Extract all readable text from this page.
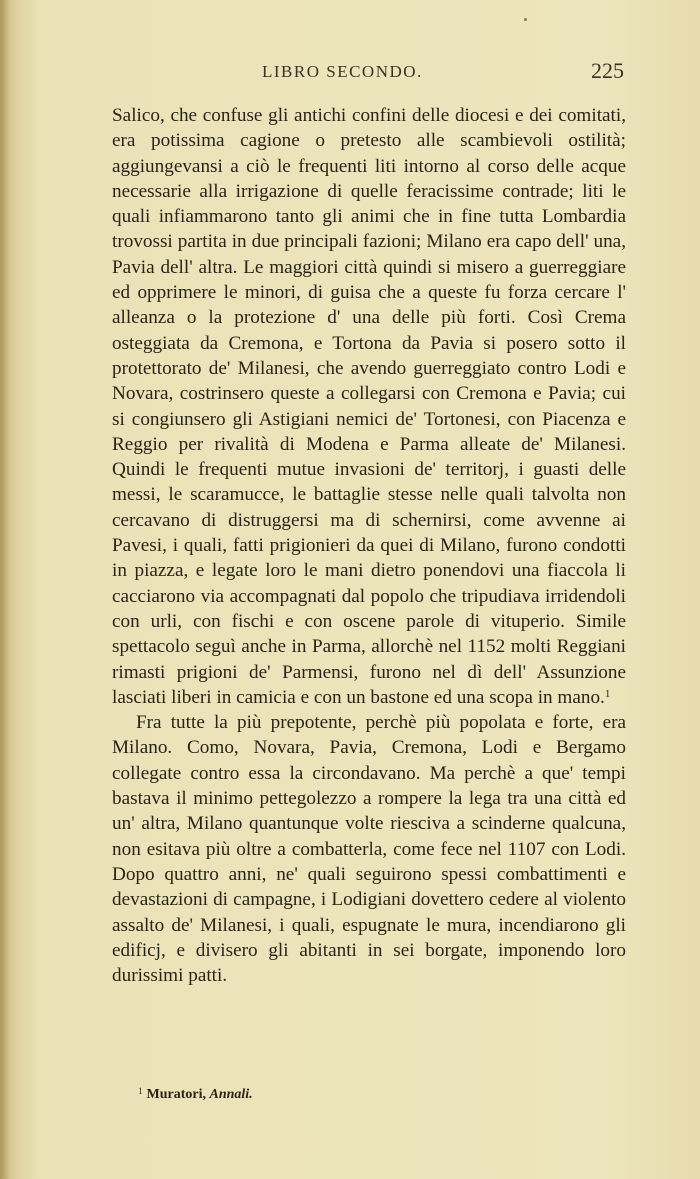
LIBRO SECONDO.	225

Salico, che confuse gli antichi confini delle diocesi e dei comitati, era potissima cagione o pretesto alle scambievoli ostilità; aggiungevansi a ciò le frequenti liti intorno al corso delle acque necessarie alla irrigazione di quelle feracissime contrade; liti le quali infiammarono tanto gli animi che in fine tutta Lombardia trovossi partita in due principali fazioni; Milano era capo dell' una, Pavia dell' altra. Le maggiori città quindi si misero a guerreggiare ed opprimere le minori, di guisa che a queste fu forza cercare l' alleanza o la protezione d' una delle più forti. Così Crema osteggiata da Cremona, e Tortona da Pavia si posero sotto il protettorato de' Milanesi, che avendo guerreggiato contro Lodi e Novara, costrinsero queste a collegarsi con Cremona e Pavia; cui si congiunsero gli Astigiani nemici de' Tortonesi, con Piacenza e Reggio per rivalità di Modena e Parma alleate de' Milanesi. Quindi le frequenti mutue invasioni de' territorj, i guasti delle messi, le scaramucce, le battaglie stesse nelle quali talvolta non cercavano di distruggersi ma di schernirsi, come avvenne ai Pavesi, i quali, fatti prigionieri da quei di Milano, furono condotti in piazza, e legate loro le mani dietro ponendovi una fiaccola li cacciarono via accompagnati dal popolo che tripudiava irridendoli con urli, con fischi e con oscene parole di vituperio. Simile spettacolo seguì anche in Parma, allorchè nel 1152 molti Reggiani rimasti prigioni de' Parmensi, furono nel dì dell' Assunzione lasciati liberi in camicia e con un bastone ed una scopa in mano.$^1$

Fra tutte la più prepotente, perchè più popolata e forte, era Milano. Como, Novara, Pavia, Cremona, Lodi e Bergamo collegate contro essa la circondavano. Ma perchè a que' tempi bastava il minimo pettegolezzo a rompere la lega tra una città ed un' altra, Milano quantunque volte riesciva a scinderne qualcuna, non esitava più oltre a combatterla, come fece nel 1107 con Lodi. Dopo quattro anni, ne' quali seguirono spessi combattimenti e devastazioni di campagne, i Lodigiani dovettero cedere al violento assalto de' Milanesi, i quali, espugnate le mura, incendiarono gli edificj, e divisero gli abitanti in sei borgate, imponendo loro durissimi patti.

$^1$ Muratori, Annali.
